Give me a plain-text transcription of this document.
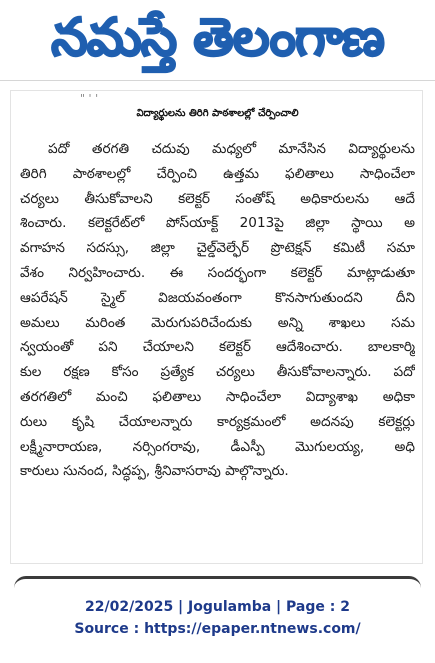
నమస్తే తెలంగాణ
" ' '
విద్యార్థులను తిరిగి పాఠశాలల్లో చేర్పించాలి
పదో తరగతి చదువు మధ్యలో మానేసిన విద్యార్థులను
తిరిగి పాఠశాలల్లో చేర్పించి ఉత్తమ ఫలితాలు సాధించేలా
చర్యలు తీసుకోవాలని కలెక్టర్ సంతోష్ అధికారులను ఆదే
శించారు. కలెక్టరేట్‌లో పోస్‌యాక్ట్ 2013పై జిల్లా స్థాయి అ
వగాహన సదస్సు, జిల్లా చైల్డ్‌వెల్ఫేర్ ప్రొటెక్షన్ కమిటీ సమా
వేశం నిర్వహించారు. ఈ సందర్భంగా కలెక్టర్ మాట్లాడుతూ
ఆపరేషన్ స్మైల్ విజయవంతంగా కొనసాగుతుందని దీని
అమలు మరింత మెరుగుపరిచేందుకు అన్ని శాఖలు సమ
న్వయంతో పని చేయాలని కలెక్టర్ ఆదేశించారు. బాలకార్మి
కుల రక్షణ కోసం ప్రత్యేక చర్యలు తీసుకోవాలన్నారు. పదో
తరగతిలో మంచి ఫలితాలు సాధించేలా విద్యాశాఖ అధికా
రులు కృషి చేయాలన్నారు కార్యక్రమంలో అదనపు కలెక్టర్లు
లక్ష్మీనారాయణ, నర్సింగరావు, డీఎస్పీ మొగులయ్య, అధి
కారులు సునంద, సిద్ధప్ప, శ్రీనివాసరావు పాల్గొన్నారు.
22/02/2025 | Jogulamba | Page : 2
Source : https://epaper.ntnews.com/
